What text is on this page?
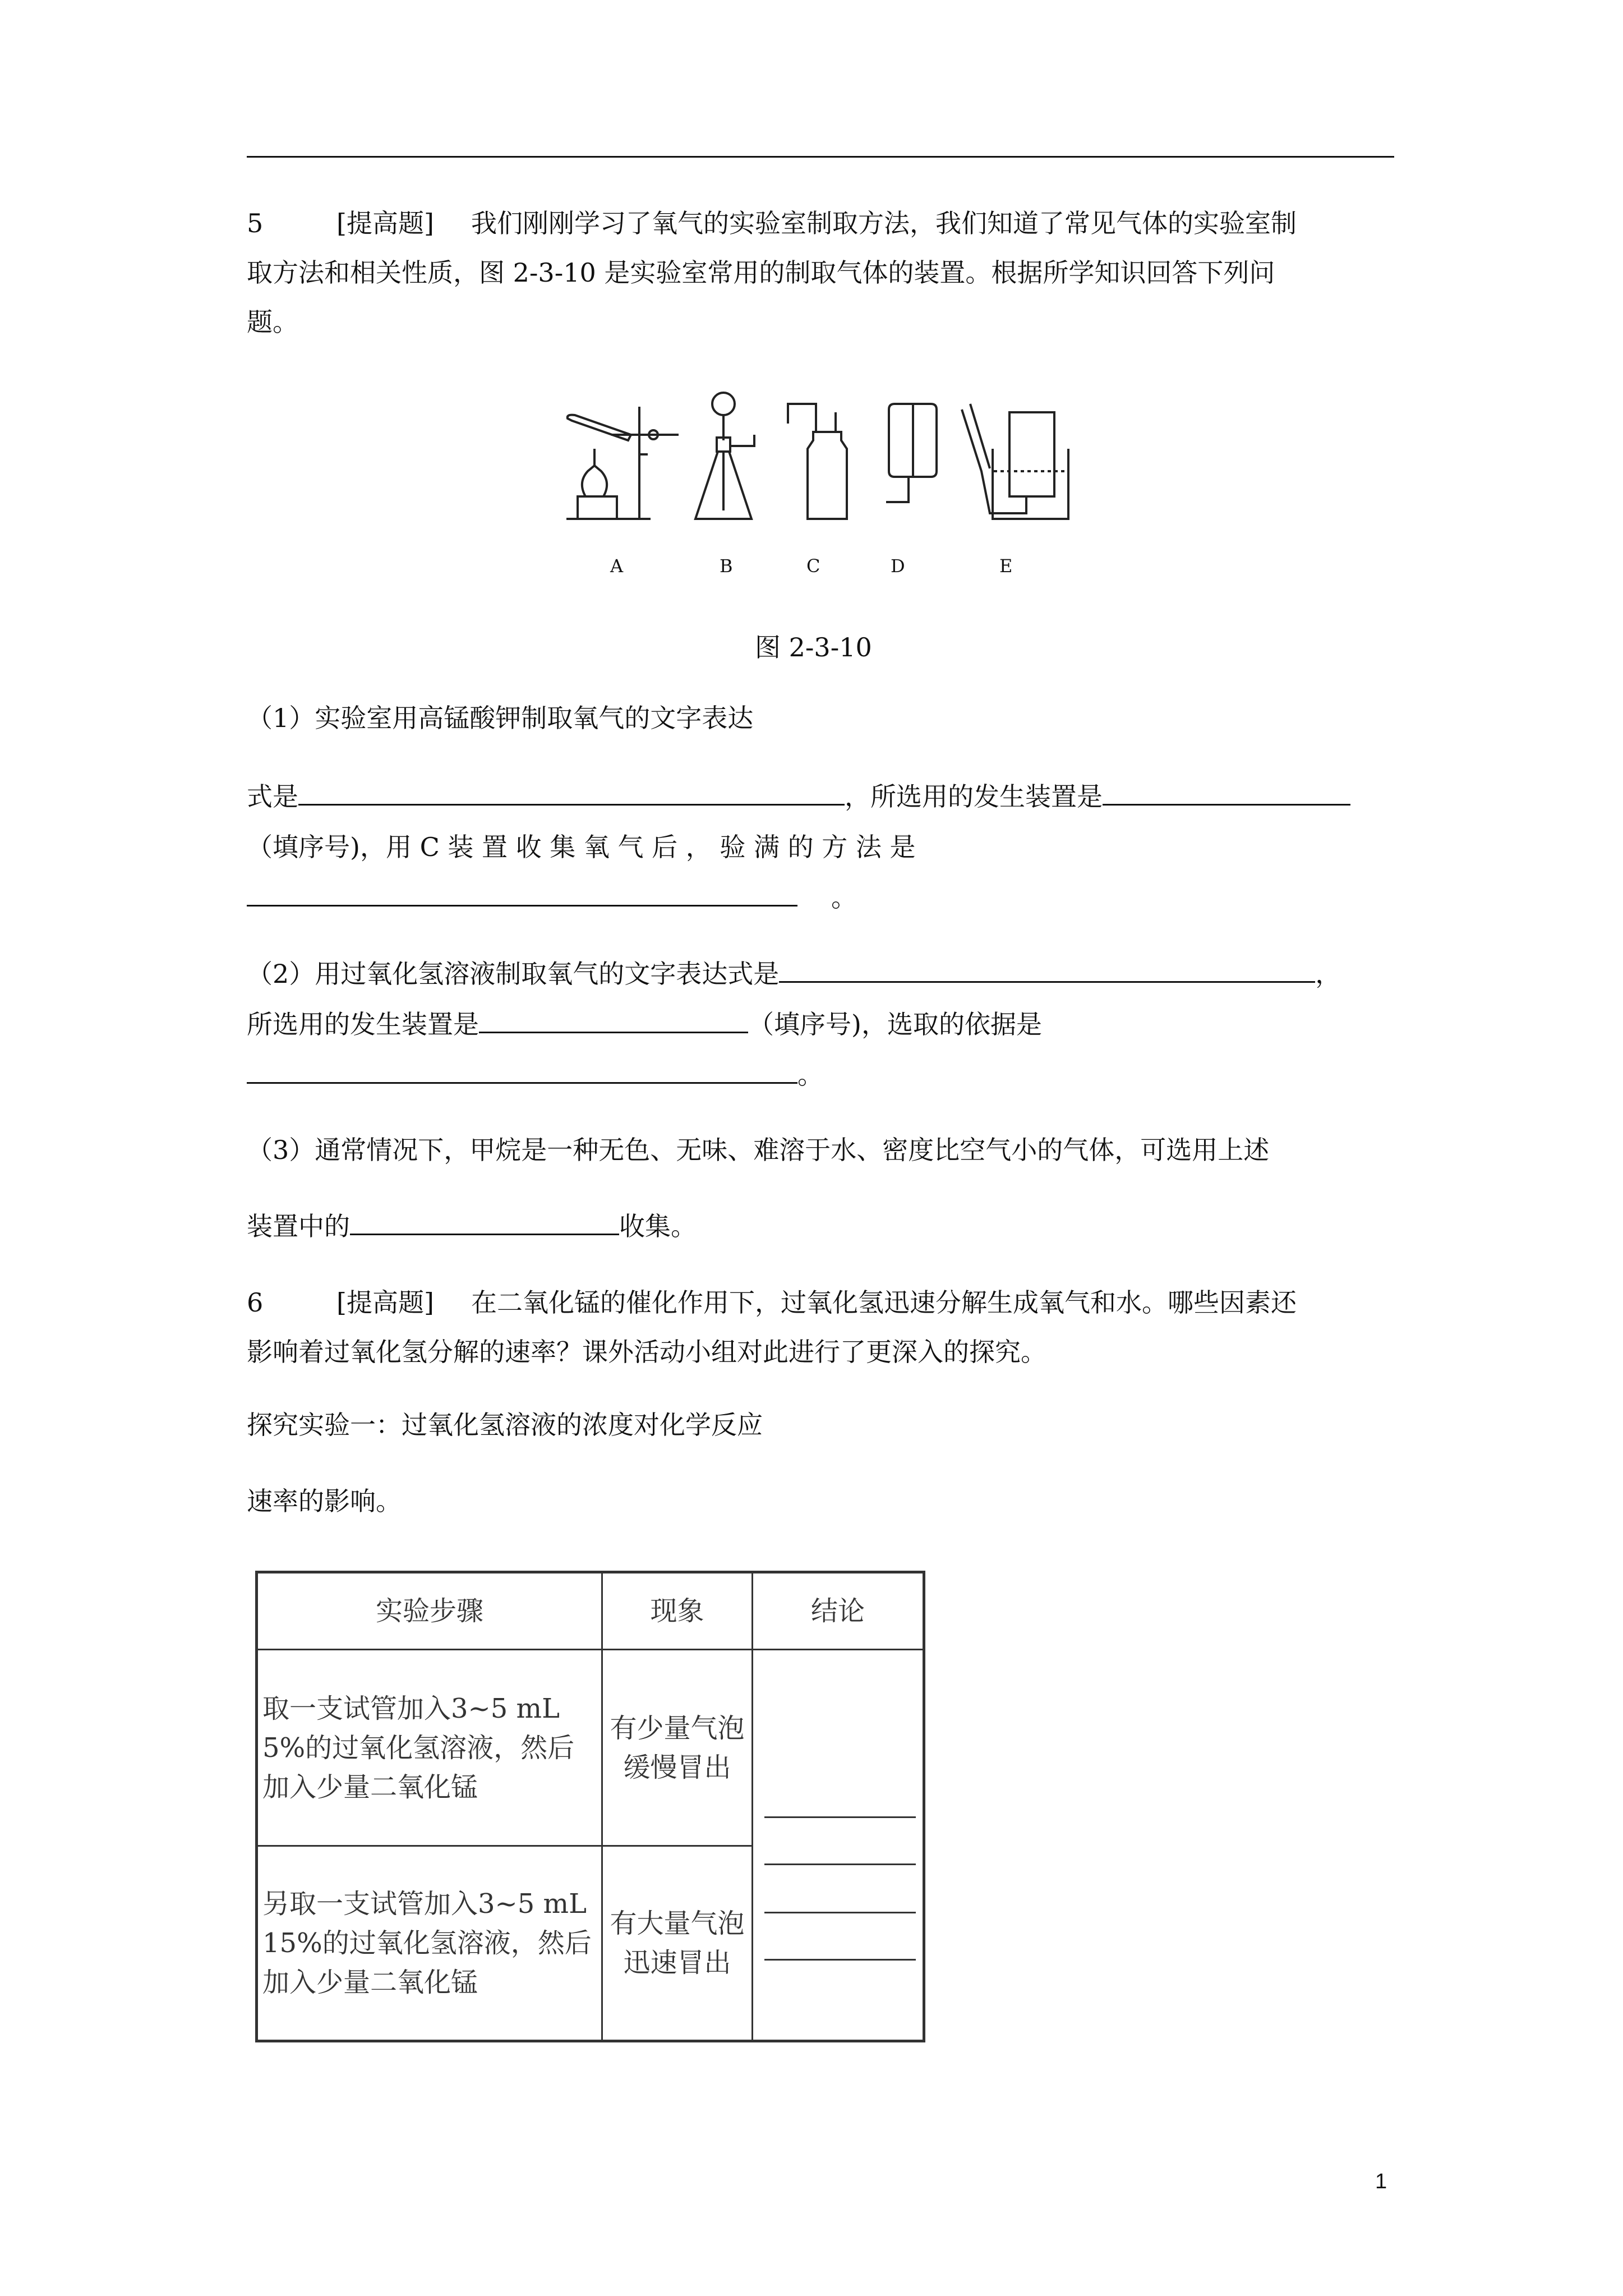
5	[提高题] 我们刚刚学习了氧气的实验室制取方法，我们知道了常见气体的实验室制
取方法和相关性质，图 2-3-10 是实验室常用的制取气体的装置。根据所学知识回答下列问
题。
A	B	C	D	E
图 2-3-10
（1）实验室用高锰酸钾制取氧气的文字表达
式是	，所选用的发生装置是
（填序号)，用 C 装 置 收 集 氧 气 后 ， 验 满 的 方 法 是
。
（2）用过氧化氢溶液制取氧气的文字表达式是	，
所选用的发生装置是	（填序号)，选取的依据是
。
（3）通常情况下，甲烷是一种无色、无味、难溶于水、密度比空气小的气体，可选用上述
装置中的	收集。
6	[提高题] 在二氧化锰的催化作用下，过氧化氢迅速分解生成氧气和水。哪些因素还
影响着过氧化氢分解的速率？课外活动小组对此进行了更深入的探究。
探究实验一：过氧化氢溶液的浓度对化学反应
速率的影响。
实验步骤	现象	结论
取一支试管加入3~5 mL 5%的过氧化氢溶液，然后加入少量二氧化锰	有少量气泡缓慢冒出	

另取一支试管加入3~5 mL 15%的过氧化氢溶液，然后加入少量二氧化锰	有大量气泡迅速冒出	
1
